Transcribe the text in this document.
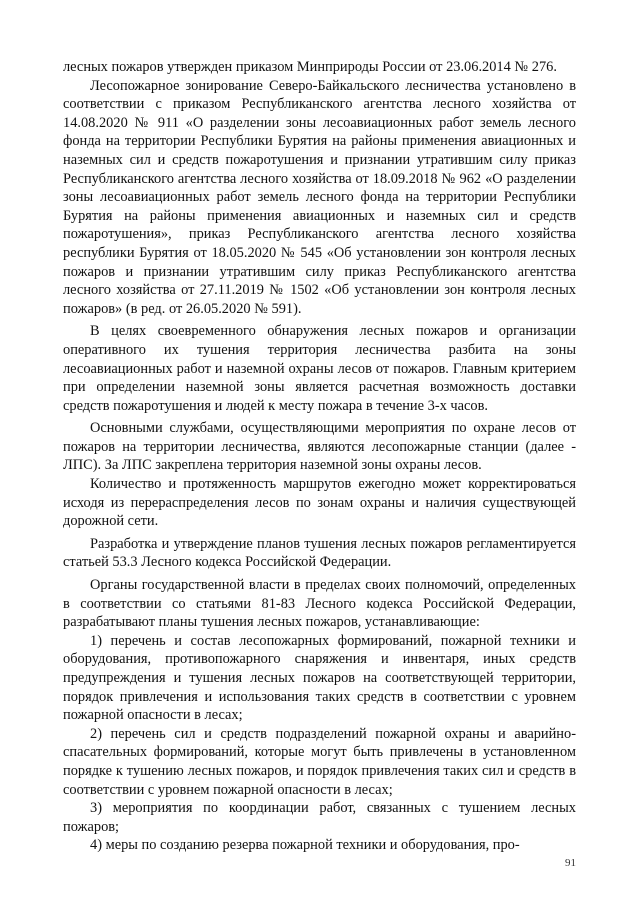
лесных пожаров утвержден приказом Минприроды России от 23.06.2014 № 276.

Лесопожарное зонирование Северо-Байкальского лесничества установлено в соответствии с приказом Республиканского агентства лесного хозяйства от 14.08.2020 № 911 «О разделении зоны лесоавиационных работ земель лесного фонда на территории Республики Бурятия на районы применения авиационных и наземных сил и средств пожаротушения и признании утратившим силу приказ Республиканского агентства лесного хозяйства от 18.09.2018 № 962 «О разделении зоны лесоавиационных работ земель лесного фонда на территории Республики Бурятия на районы применения авиационных и наземных сил и средств пожаротушения», приказ Республиканского агентства лесного хозяйства республики Бурятия от 18.05.2020 № 545 «Об установлении зон контроля лесных пожаров и признании утратившим силу приказ Республиканского агентства лесного хозяйства от 27.11.2019 № 1502 «Об установлении зон контроля лесных пожаров» (в ред. от 26.05.2020 № 591).

В целях своевременного обнаружения лесных пожаров и организации оперативного их тушения территория лесничества разбита на зоны лесоавиационных работ и наземной охраны лесов от пожаров. Главным критерием при определении наземной зоны является расчетная возможность доставки средств пожаротушения и людей к месту пожара в течение 3-х часов.

Основными службами, осуществляющими мероприятия по охране лесов от пожаров на территории лесничества, являются лесопожарные станции (далее - ЛПС). За ЛПС закреплена территория наземной зоны охраны лесов.

Количество и протяженность маршрутов ежегодно может корректироваться исходя из перераспределения лесов по зонам охраны и наличия существующей дорожной сети.

Разработка и утверждение планов тушения лесных пожаров регламентируется статьей 53.3 Лесного кодекса Российской Федерации.

Органы государственной власти в пределах своих полномочий, определенных в соответствии со статьями 81-83 Лесного кодекса Российской Федерации, разрабатывают планы тушения лесных пожаров, устанавливающие:

1) перечень и состав лесопожарных формирований, пожарной техники и оборудования, противопожарного снаряжения и инвентаря, иных средств предупреждения и тушения лесных пожаров на соответствующей территории, порядок привлечения и использования таких средств в соответствии с уровнем пожарной опасности в лесах;

2) перечень сил и средств подразделений пожарной охраны и аварийно-спасательных формирований, которые могут быть привлечены в установленном порядке к тушению лесных пожаров, и порядок привлечения таких сил и средств в соответствии с уровнем пожарной опасности в лесах;

3) мероприятия по координации работ, связанных с тушением лесных пожаров;

4) меры по созданию резерва пожарной техники и оборудования, про-

91
